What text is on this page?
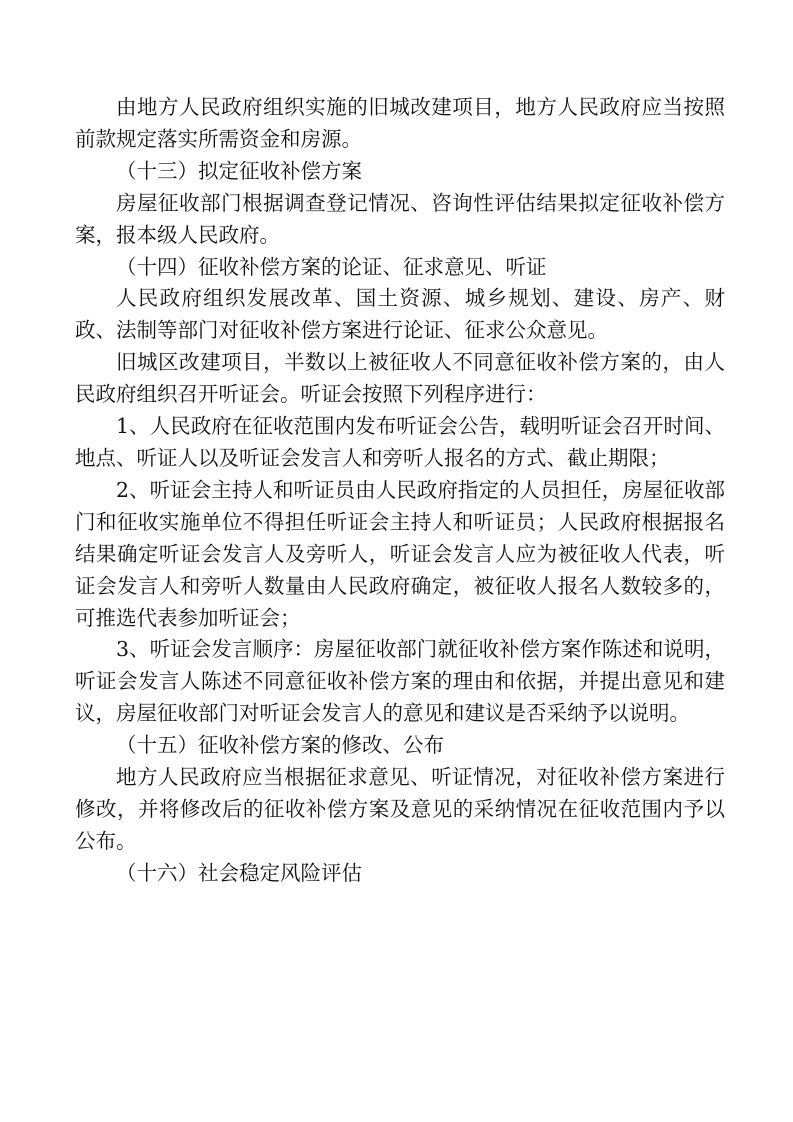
由地方人民政府组织实施的旧城改建项目，地方人民政府应当按照前款规定落实所需资金和房源。

（十三）拟定征收补偿方案

房屋征收部门根据调查登记情况、咨询性评估结果拟定征收补偿方案，报本级人民政府。

（十四）征收补偿方案的论证、征求意见、听证

人民政府组织发展改革、国土资源、城乡规划、建设、房产、财政、法制等部门对征收补偿方案进行论证、征求公众意见。

旧城区改建项目，半数以上被征收人不同意征收补偿方案的，由人民政府组织召开听证会。听证会按照下列程序进行：

1、人民政府在征收范围内发布听证会公告，载明听证会召开时间、地点、听证人以及听证会发言人和旁听人报名的方式、截止期限；

2、听证会主持人和听证员由人民政府指定的人员担任，房屋征收部门和征收实施单位不得担任听证会主持人和听证员；人民政府根据报名结果确定听证会发言人及旁听人，听证会发言人应为被征收人代表，听证会发言人和旁听人数量由人民政府确定，被征收人报名人数较多的，可推选代表参加听证会；

3、听证会发言顺序：房屋征收部门就征收补偿方案作陈述和说明，听证会发言人陈述不同意征收补偿方案的理由和依据，并提出意见和建议，房屋征收部门对听证会发言人的意见和建议是否采纳予以说明。

（十五）征收补偿方案的修改、公布

地方人民政府应当根据征求意见、听证情况，对征收补偿方案进行修改，并将修改后的征收补偿方案及意见的采纳情况在征收范围内予以公布。

（十六）社会稳定风险评估
